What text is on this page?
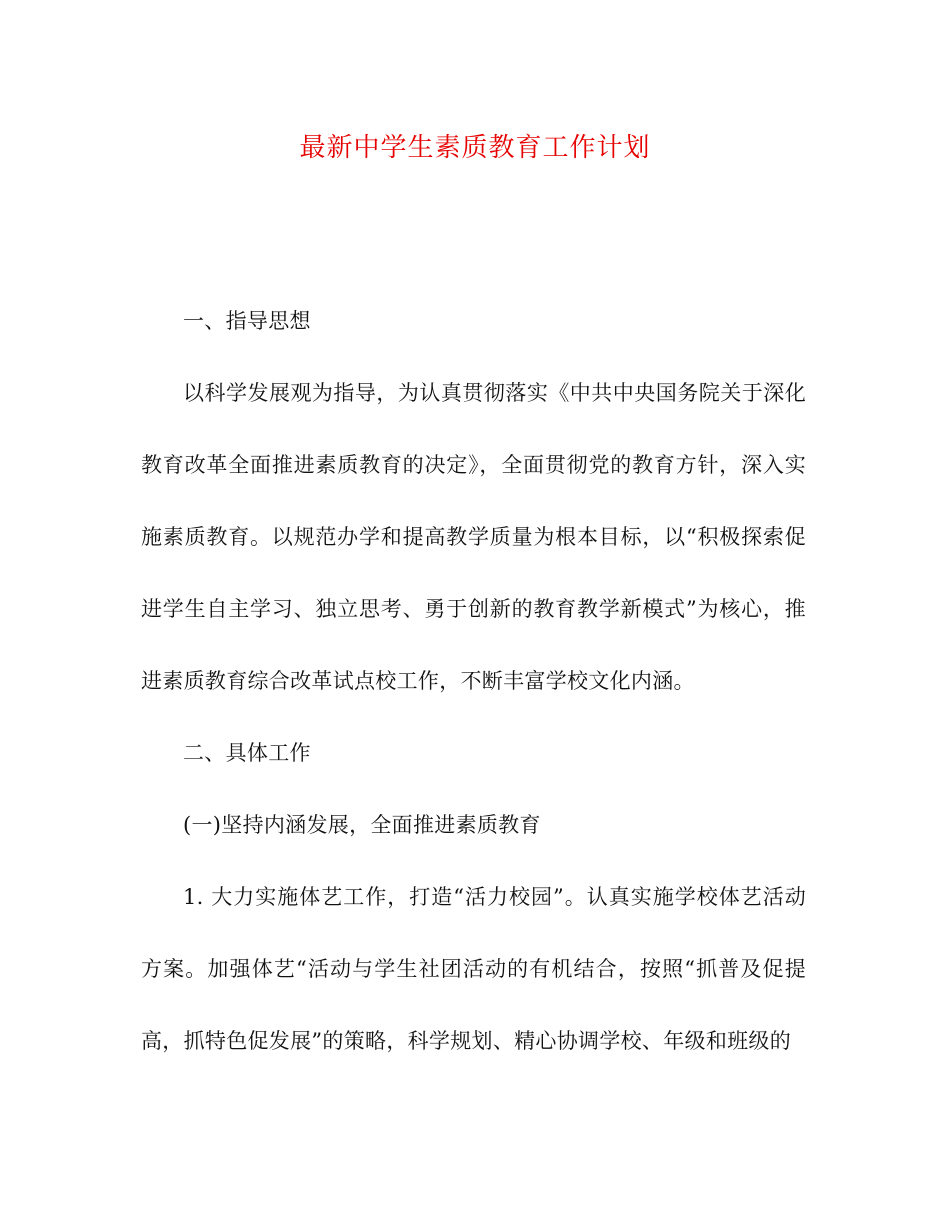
最新中学生素质教育工作计划

一、指导思想

以科学发展观为指导，为认真贯彻落实《中共中央国务院关于深化教育改革全面推进素质教育的决定》，全面贯彻党的教育方针，深入实施素质教育。以规范办学和提高教学质量为根本目标，以“积极探索促进学生自主学习、独立思考、勇于创新的教育教学新模式”为核心，推进素质教育综合改革试点校工作，不断丰富学校文化内涵。

二、具体工作

(一)坚持内涵发展，全面推进素质教育

1. 大力实施体艺工作，打造“活力校园”。认真实施学校体艺活动方案。加强体艺“活动与学生社团活动的有机结合，按照“抓普及促提高，抓特色促发展”的策略，科学规划、精心协调学校、年级和班级的
